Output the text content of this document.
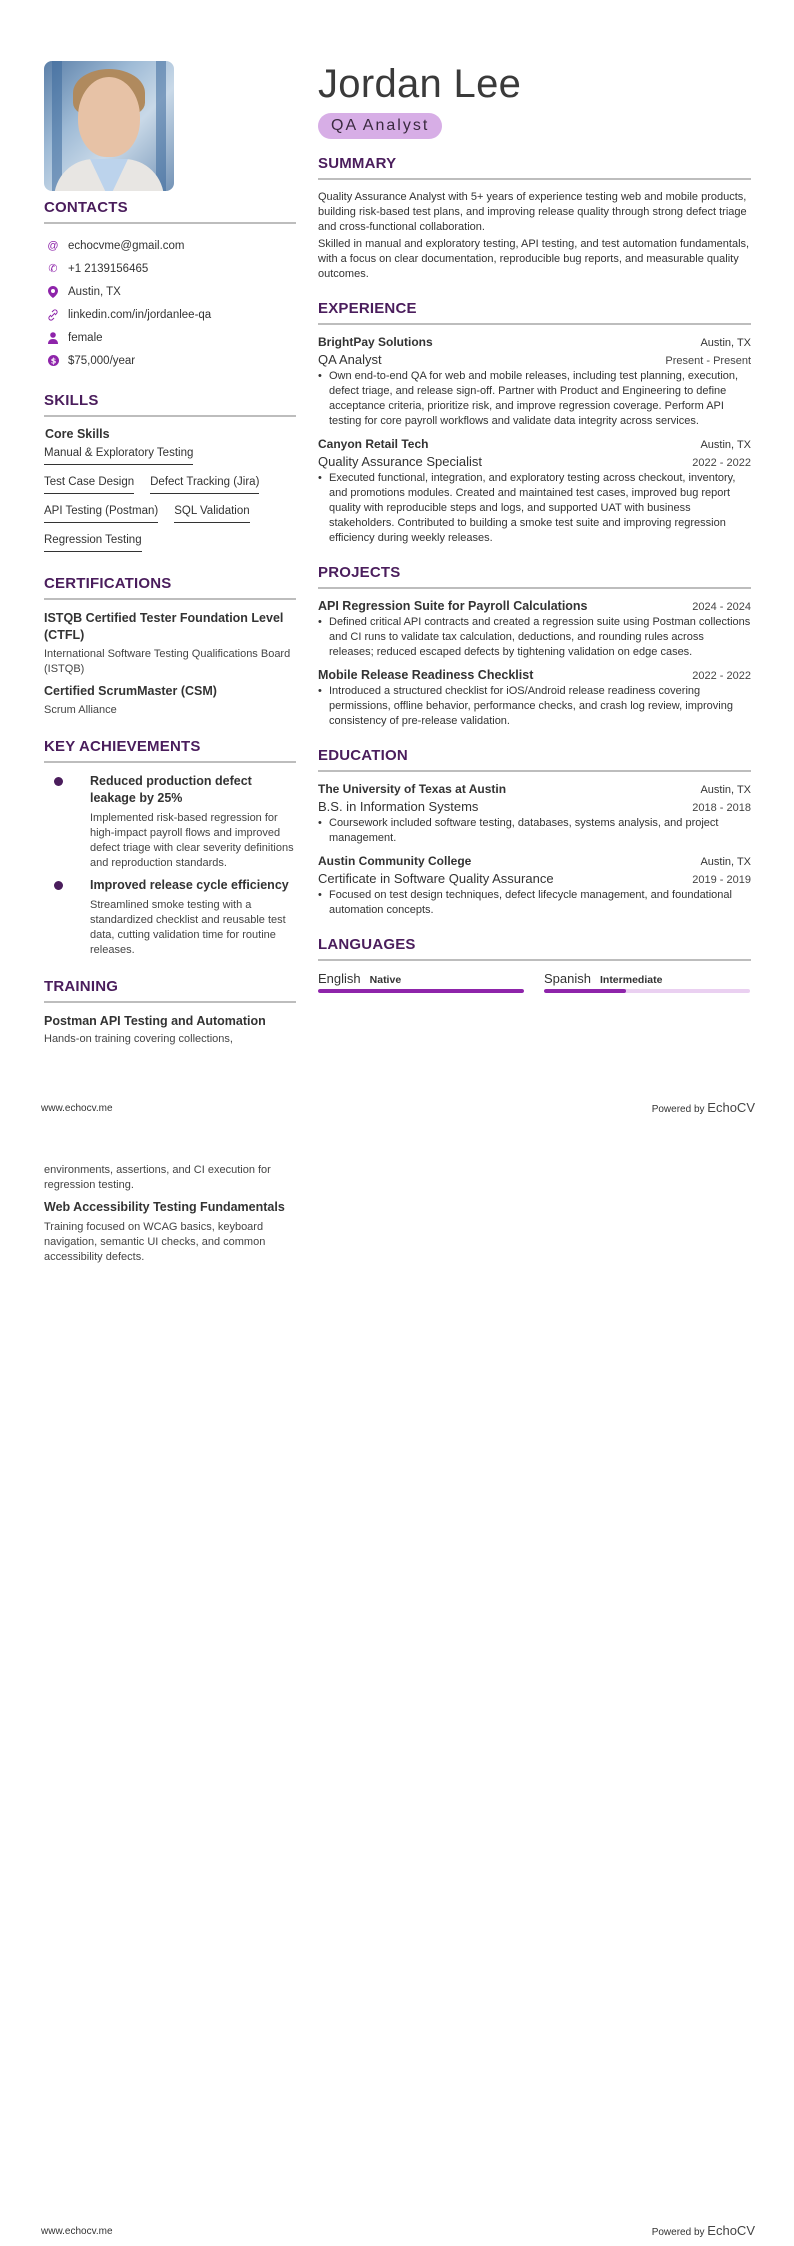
CONTACTS
@ echocvme@gmail.com
✆ +1 2139156465
Austin, TX
linkedin.com/in/jordanlee-qa
female
$ $75,000/year
SKILLS
Core Skills
Manual & Exploratory Testing
Test Case Design Defect Tracking (Jira)
API Testing (Postman) SQL Validation
Regression Testing
CERTIFICATIONS
ISTQB Certified Tester Foundation Level (CTFL)
International Software Testing Qualifications Board (ISTQB)
Certified ScrumMaster (CSM)
Scrum Alliance
KEY ACHIEVEMENTS
Reduced production defect leakage by 25%
Implemented risk-based regression for high-impact payroll flows and improved defect triage with clear severity definitions and reproduction standards.
Improved release cycle efficiency
Streamlined smoke testing with a standardized checklist and reusable test data, cutting validation time for routine releases.
TRAINING
Postman API Testing and Automation
Hands-on training covering collections,
Jordan Lee
QA Analyst
SUMMARY

Quality Assurance Analyst with 5+ years of experience testing web and mobile products, building risk-based test plans, and improving release quality through strong defect triage and cross-functional collaboration.

Skilled in manual and exploratory testing, API testing, and test automation fundamentals, with a focus on clear documentation, reproducible bug reports, and measurable quality outcomes.

EXPERIENCE
BrightPay Solutions	Austin, TX
QA Analyst	Present - Present
• Own end-to-end QA for web and mobile releases, including test planning, execution, defect triage, and release sign-off. Partner with Product and Engineering to define acceptance criteria, prioritize risk, and improve regression coverage. Perform API testing for core payroll workflows and validate data integrity across services.
Canyon Retail Tech	Austin, TX
Quality Assurance Specialist	2022 - 2022
• Executed functional, integration, and exploratory testing across checkout, inventory, and promotions modules. Created and maintained test cases, improved bug report quality with reproducible steps and logs, and supported UAT with business stakeholders. Contributed to building a smoke test suite and improving regression efficiency during weekly releases.
PROJECTS
API Regression Suite for Payroll Calculations	2024 - 2024
• Defined critical API contracts and created a regression suite using Postman collections and CI runs to validate tax calculation, deductions, and rounding rules across releases; reduced escaped defects by tightening validation on edge cases.
Mobile Release Readiness Checklist	2022 - 2022
• Introduced a structured checklist for iOS/Android release readiness covering permissions, offline behavior, performance checks, and crash log review, improving consistency of pre-release validation.
EDUCATION
The University of Texas at Austin	Austin, TX
B.S. in Information Systems	2018 - 2018
• Coursework included software testing, databases, systems analysis, and project management.
Austin Community College	Austin, TX
Certificate in Software Quality Assurance	2019 - 2019
• Focused on test design techniques, defect lifecycle management, and foundational automation concepts.
LANGUAGES
English Native	Spanish Intermediate
www.echocv.me	Powered by EchoCV
environments, assertions, and CI execution for regression testing.
Web Accessibility Testing Fundamentals
Training focused on WCAG basics, keyboard navigation, semantic UI checks, and common accessibility defects.
www.echocv.me	Powered by EchoCV
